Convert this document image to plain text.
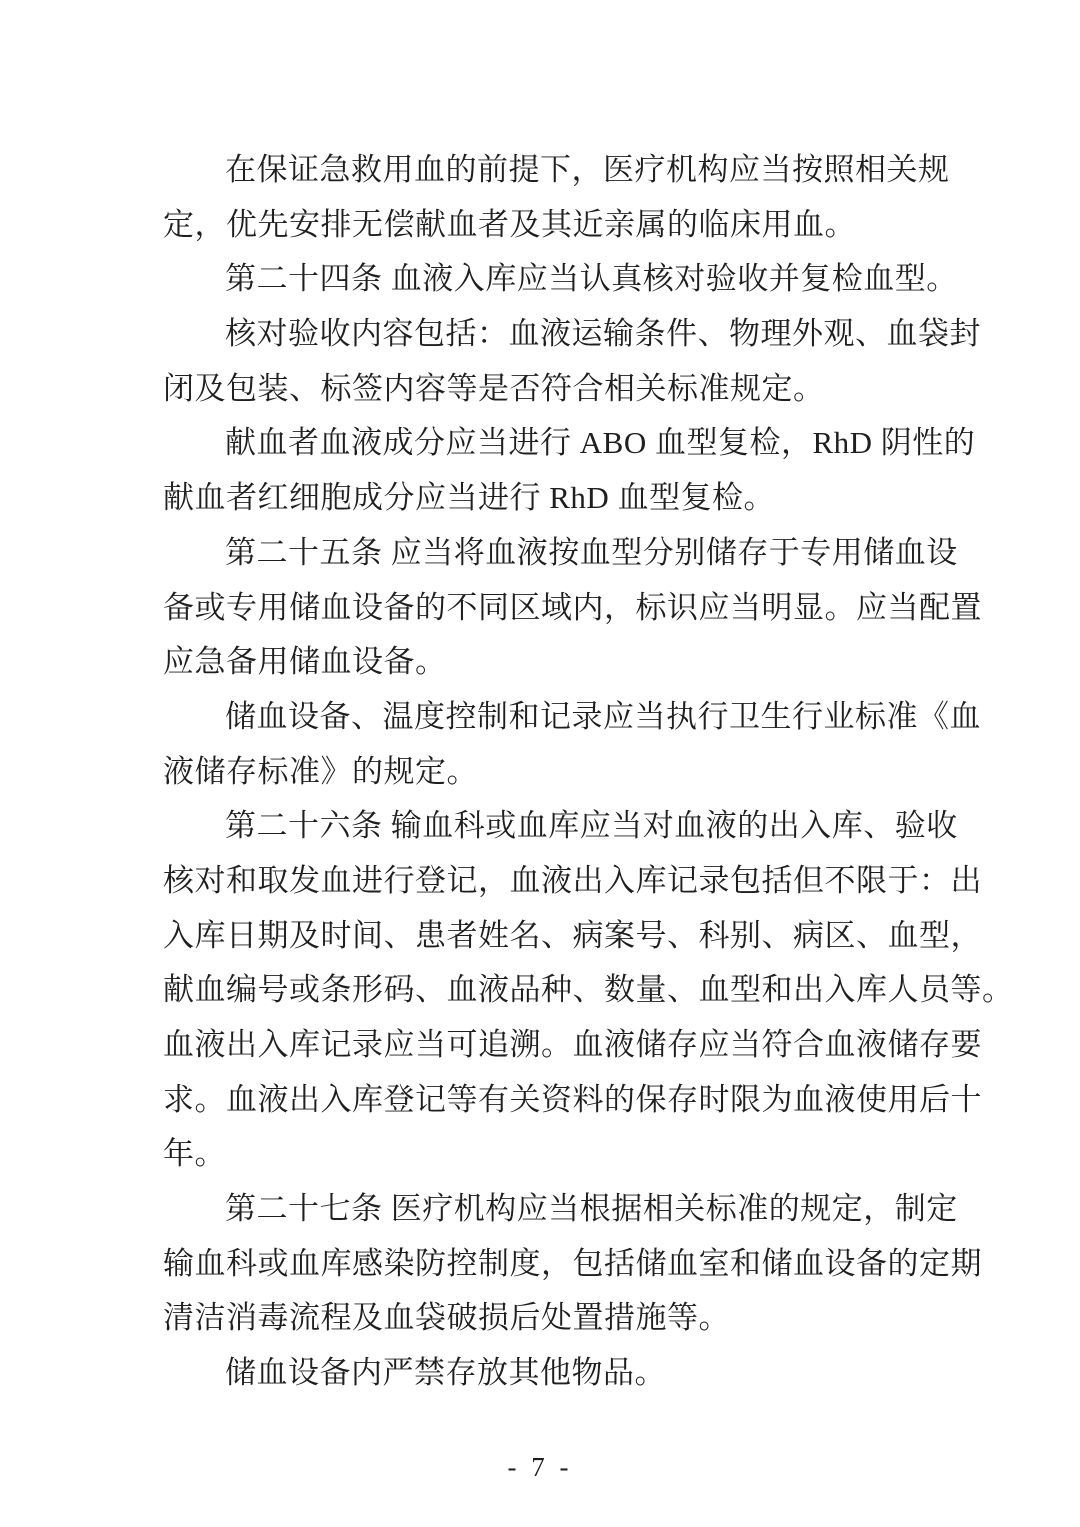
在保证急救用血的前提下，医疗机构应当按照相关规
定，优先安排无偿献血者及其近亲属的临床用血。
第二十四条 血液入库应当认真核对验收并复检血型。
核对验收内容包括：血液运输条件、物理外观、血袋封
闭及包装、标签内容等是否符合相关标准规定。
献血者血液成分应当进行 ABO 血型复检，RhD 阴性的
献血者红细胞成分应当进行 RhD 血型复检。
第二十五条 应当将血液按血型分别储存于专用储血设
备或专用储血设备的不同区域内，标识应当明显。应当配置
应急备用储血设备。
储血设备、温度控制和记录应当执行卫生行业标准《血
液储存标准》的规定。
第二十六条 输血科或血库应当对血液的出入库、验收
核对和取发血进行登记，血液出入库记录包括但不限于：出
入库日期及时间、患者姓名、病案号、科别、病区、血型，
献血编号或条形码、血液品种、数量、血型和出入库人员等。
血液出入库记录应当可追溯。血液储存应当符合血液储存要
求。血液出入库登记等有关资料的保存时限为血液使用后十
年。
第二十七条 医疗机构应当根据相关标准的规定，制定
输血科或血库感染防控制度，包括储血室和储血设备的定期
清洁消毒流程及血袋破损后处置措施等。
储血设备内严禁存放其他物品。
- 7 -
